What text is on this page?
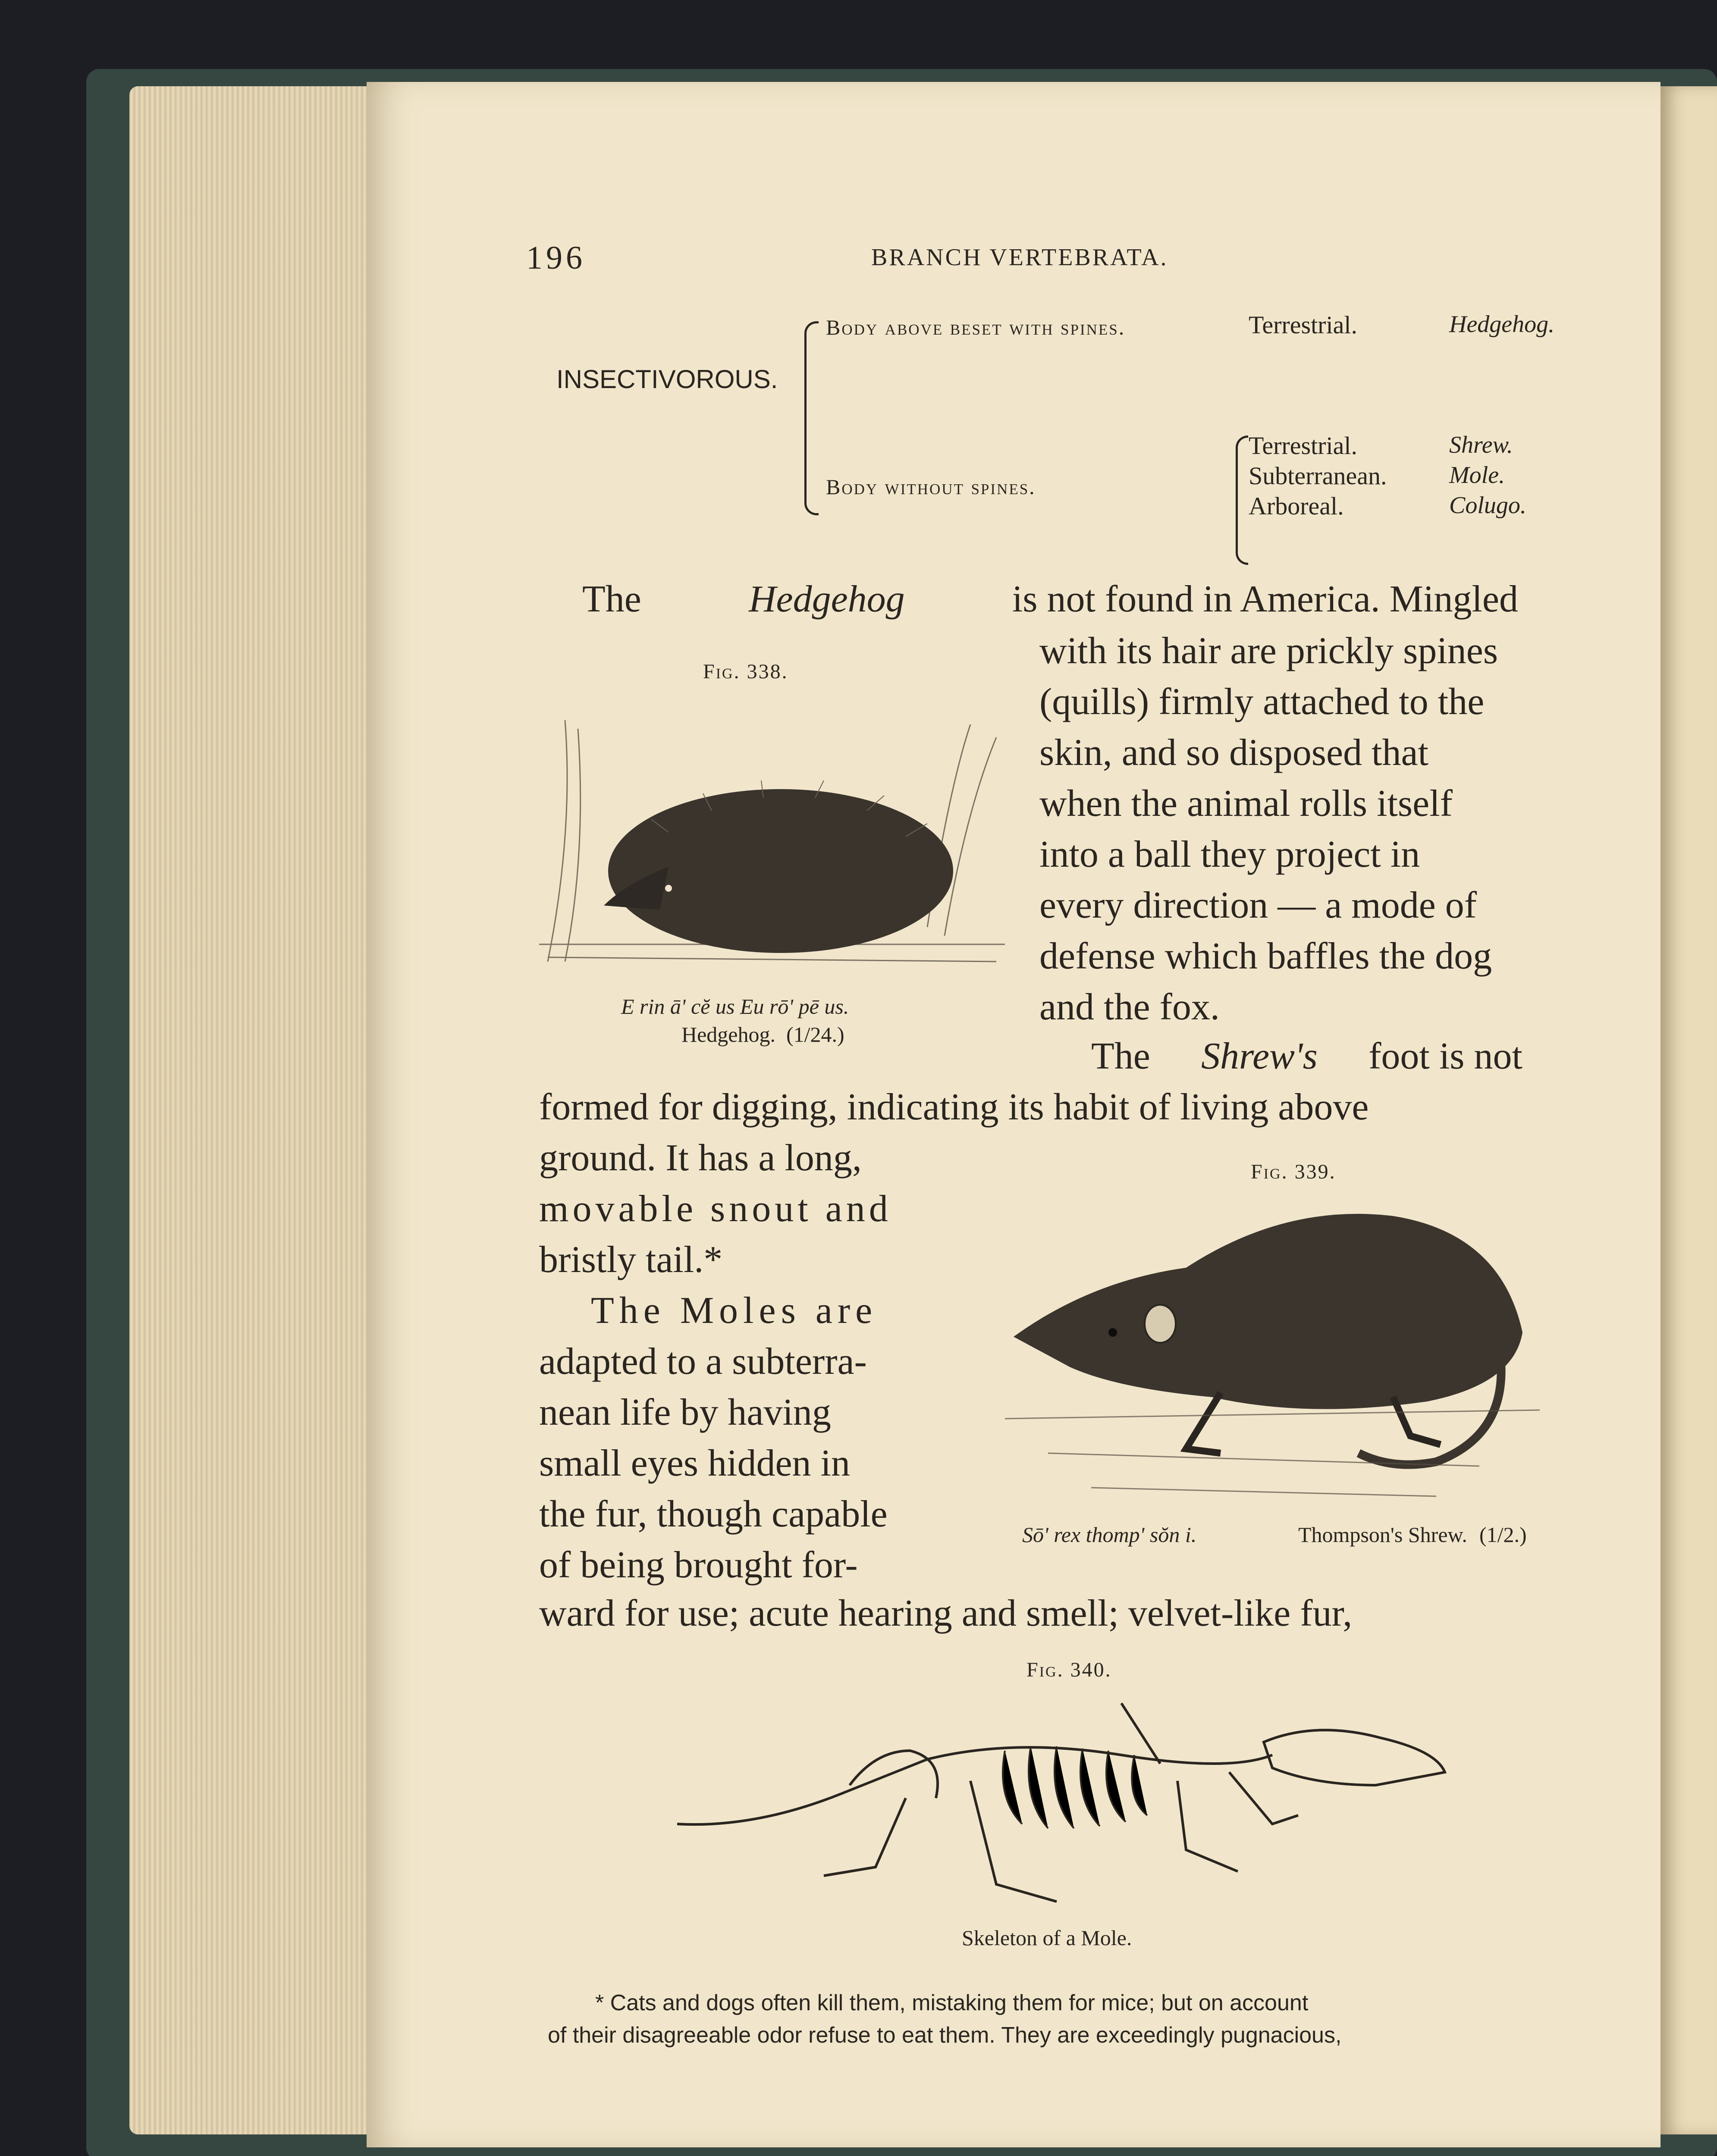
196	BRANCH VERTEBRATA.
INSECTIVOROUS.
Body above beset with spines.	Terrestrial.	Hedgehog.
Body without spines.
Terrestrial.	Shrew.
Subterranean.	Mole.
Arboreal.	Colugo.
The	Hedgehog	is not found in America. Mingled
with its hair are prickly spines
(quills) firmly attached to the
skin, and so disposed that
when the animal rolls itself
into a ball they project in
every direction — a mode of
defense which baffles the dog
and the fox.
The Shrew's foot is not
formed for digging, indicating its habit of living above
ground. It has a long,
movable snout and
bristly tail.*
The Moles are
adapted to a subterra-
nean life by having
small eyes hidden in
the fur, though capable
of being brought for-
ward for use; acute hearing and smell; velvet-like fur,
Fig. 338.
E rin ā' cĕ us Eu rō' pē us.
Hedgehog. (1/24.)
Fig. 339.
Sō' rex thomp' sŏn i.	Thompson's Shrew. (1/2.)
Fig. 340.
Skeleton of a Mole.
* Cats and dogs often kill them, mistaking them for mice; but on account
of their disagreeable odor refuse to eat them. They are exceedingly pugnacious,
